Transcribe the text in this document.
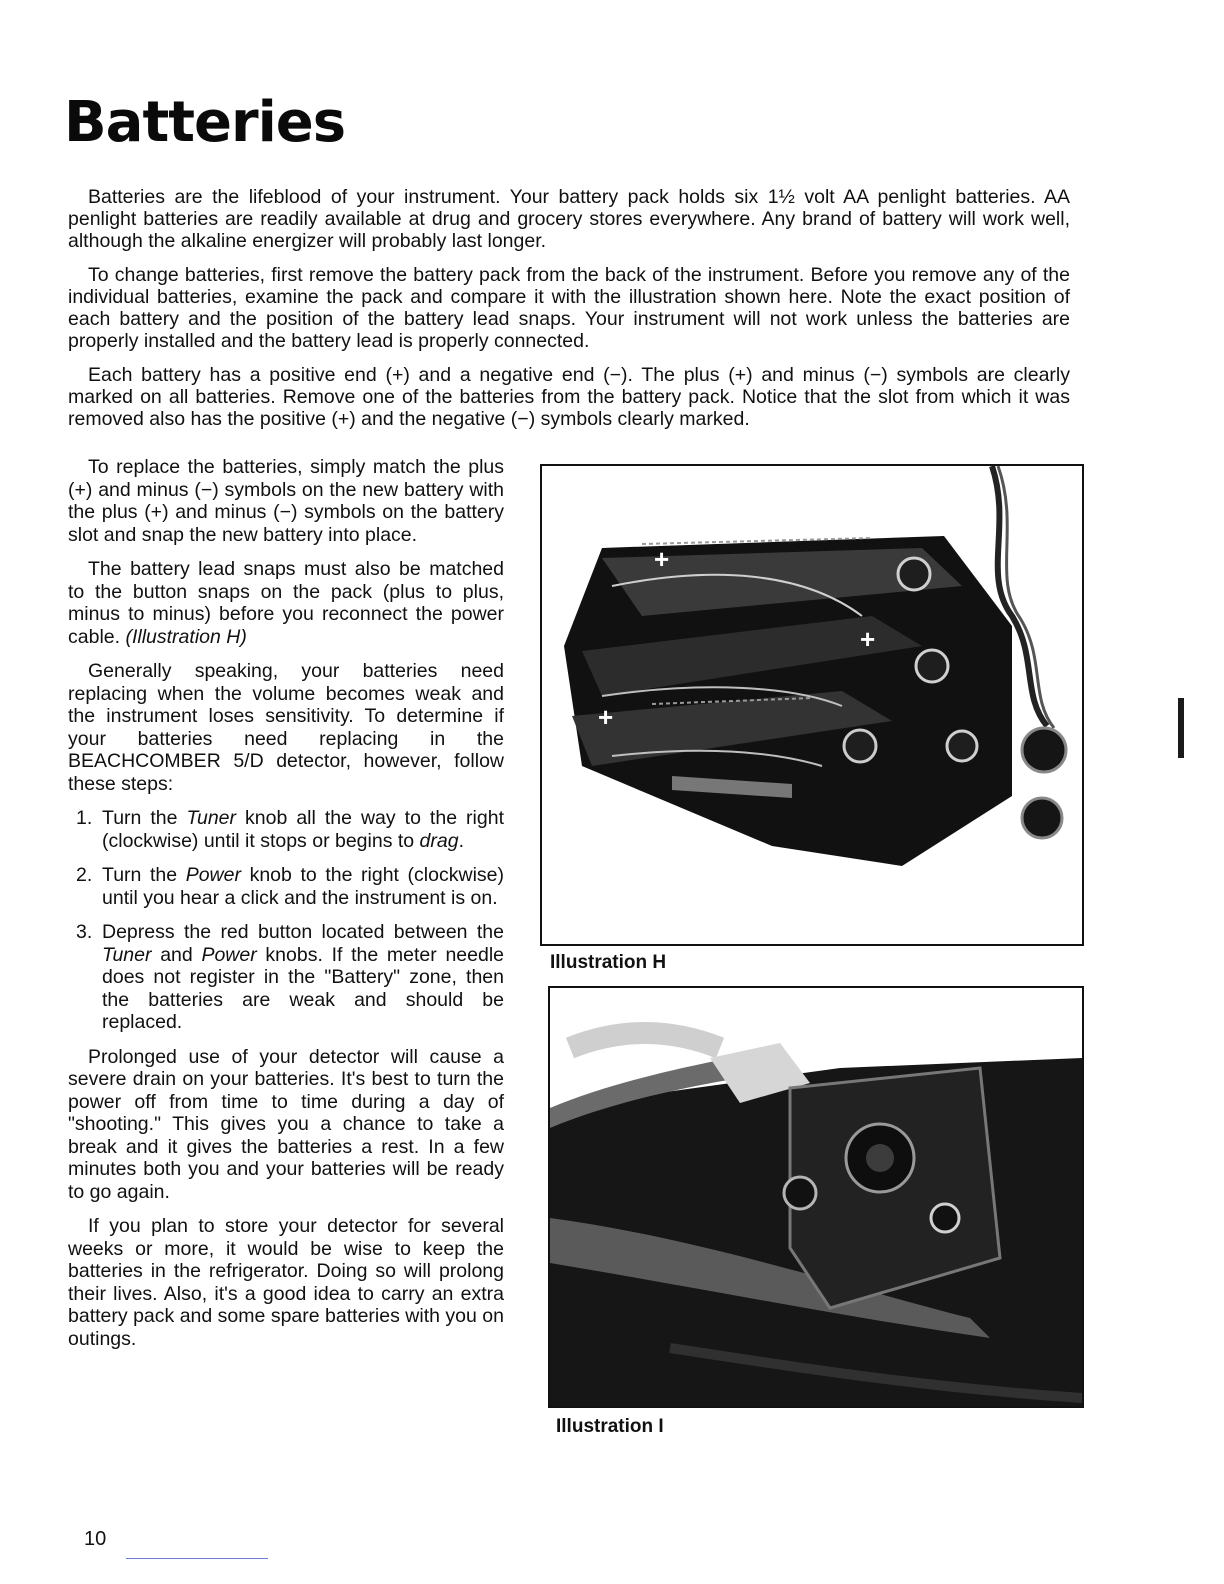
Batteries

Batteries are the lifeblood of your instrument. Your battery pack holds six 1½ volt AA penlight batteries. AA penlight batteries are readily available at drug and grocery stores everywhere. Any brand of battery will work well, although the alkaline energizer will probably last longer.

To change batteries, first remove the battery pack from the back of the instrument. Before you remove any of the individual batteries, examine the pack and compare it with the illustration shown here. Note the exact position of each battery and the position of the battery lead snaps. Your instrument will not work unless the batteries are properly installed and the battery lead is properly connected.

Each battery has a positive end (+) and a negative end (−). The plus (+) and minus (−) symbols are clearly marked on all batteries. Remove one of the batteries from the battery pack. Notice that the slot from which it was removed also has the positive (+) and the negative (−) symbols clearly marked.

To replace the batteries, simply match the plus (+) and minus (−) symbols on the new battery with the plus (+) and minus (−) symbols on the battery slot and snap the new battery into place.

The battery lead snaps must also be matched to the button snaps on the pack (plus to plus, minus to minus) before you reconnect the power cable. (Illustration H)

Generally speaking, your batteries need replacing when the volume becomes weak and the instrument loses sensitivity. To determine if your batteries need replacing in the BEACHCOMBER 5/D detector, however, follow these steps:

1. Turn the Tuner knob all the way to the right (clockwise) until it stops or begins to drag.
2. Turn the Power knob to the right (clockwise) until you hear a click and the instrument is on.
3. Depress the red button located between the Tuner and Power knobs. If the meter needle does not register in the "Battery" zone, then the batteries are weak and should be replaced.

Prolonged use of your detector will cause a severe drain on your batteries. It's best to turn the power off from time to time during a day of "shooting." This gives you a chance to take a break and it gives the batteries a rest. In a few minutes both you and your batteries will be ready to go again.

If you plan to store your detector for several weeks or more, it would be wise to keep the batteries in the refrigerator. Doing so will prolong their lives. Also, it's a good idea to carry an extra battery pack and some spare batteries with you on outings.

+
+
+

Illustration H

Illustration I

10
